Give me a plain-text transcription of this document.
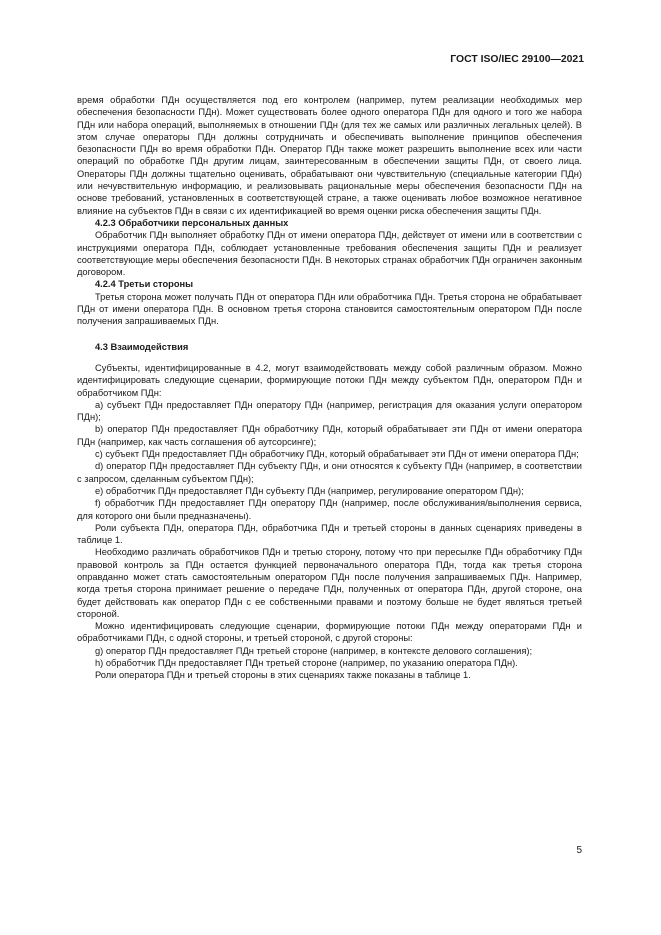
ГОСТ ISO/IEC 29100—2021

время обработки ПДн осуществляется под его контролем (например, путем реализации необходимых мер обеспечения безопасности ПДн). Может существовать более одного оператора ПДн для одного и того же набора ПДн или набора операций, выполняемых в отношении ПДн (для тех же самых или различных легальных целей). В этом случае операторы ПДн должны сотрудничать и обеспечивать выполнение принципов обеспечения безопасности ПДн во время обработки ПДн. Оператор ПДн также может разрешить выполнение всех или части операций по обработке ПДн другим лицам, заинтересованным в обеспечении защиты ПДн, от своего лица. Операторы ПДн должны тщательно оценивать, обрабатывают они чувствительную (специальные категории ПДн) или нечувствительную информацию, и реализовывать рациональные меры обеспечения безопасности ПДн на основе требований, установленных в соответствующей стране, а также оценивать любое возможное негативное влияние на субъектов ПДн в связи с их идентификацией во время оценки риска обеспечения защиты ПДн.

4.2.3 Обработчики персональных данных

Обработчик ПДн выполняет обработку ПДн от имени оператора ПДн, действует от имени или в соответствии с инструкциями оператора ПДн, соблюдает установленные требования обеспечения защиты ПДн и реализует соответствующие меры обеспечения безопасности ПДн. В некоторых странах обработчик ПДн ограничен законным договором.

4.2.4 Третьи стороны

Третья сторона может получать ПДн от оператора ПДн или обработчика ПДн. Третья сторона не обрабатывает ПДн от имени оператора ПДн. В основном третья сторона становится самостоятельным оператором ПДн после получения запрашиваемых ПДн.

4.3 Взаимодействия

Субъекты, идентифицированные в 4.2, могут взаимодействовать между собой различным образом. Можно идентифицировать следующие сценарии, формирующие потоки ПДн между субъектом ПДн, оператором ПДн и обработчиком ПДн:

a) субъект ПДн предоставляет ПДн оператору ПДн (например, регистрация для оказания услуги оператором ПДн);

b) оператор ПДн предоставляет ПДн обработчику ПДн, который обрабатывает эти ПДн от имени оператора ПДн (например, как часть соглашения об аутсорсинге);

c) субъект ПДн предоставляет ПДн обработчику ПДн, который обрабатывает эти ПДн от имени оператора ПДн;

d) оператор ПДн предоставляет ПДн субъекту ПДн, и они относятся к субъекту ПДн (например, в соответствии с запросом, сделанным субъектом ПДн);

e) обработчик ПДн предоставляет ПДн субъекту ПДн (например, регулирование оператором ПДн);

f) обработчик ПДн предоставляет ПДн оператору ПДн (например, после обслуживания/выполнения сервиса, для которого они были предназначены).

Роли субъекта ПДн, оператора ПДн, обработчика ПДн и третьей стороны в данных сценариях приведены в таблице 1.

Необходимо различать обработчиков ПДн и третью сторону, потому что при пересылке ПДн обработчику ПДн правовой контроль за ПДн остается функцией первоначального оператора ПДн, тогда как третья сторона оправданно может стать самостоятельным оператором ПДн после получения запрашиваемых ПДн. Например, когда третья сторона принимает решение о передаче ПДн, полученных от оператора ПДн, другой стороне, она будет действовать как оператор ПДн с ее собственными правами и поэтому больше не будет являться третьей стороной.

Можно идентифицировать следующие сценарии, формирующие потоки ПДн между операторами ПДн и обработчиками ПДн, с одной стороны, и третьей стороной, с другой стороны:

g) оператор ПДн предоставляет ПДн третьей стороне (например, в контексте делового соглашения);

h) обработчик ПДн предоставляет ПДн третьей стороне (например, по указанию оператора ПДн).

Роли оператора ПДн и третьей стороны в этих сценариях также показаны в таблице 1.

5
